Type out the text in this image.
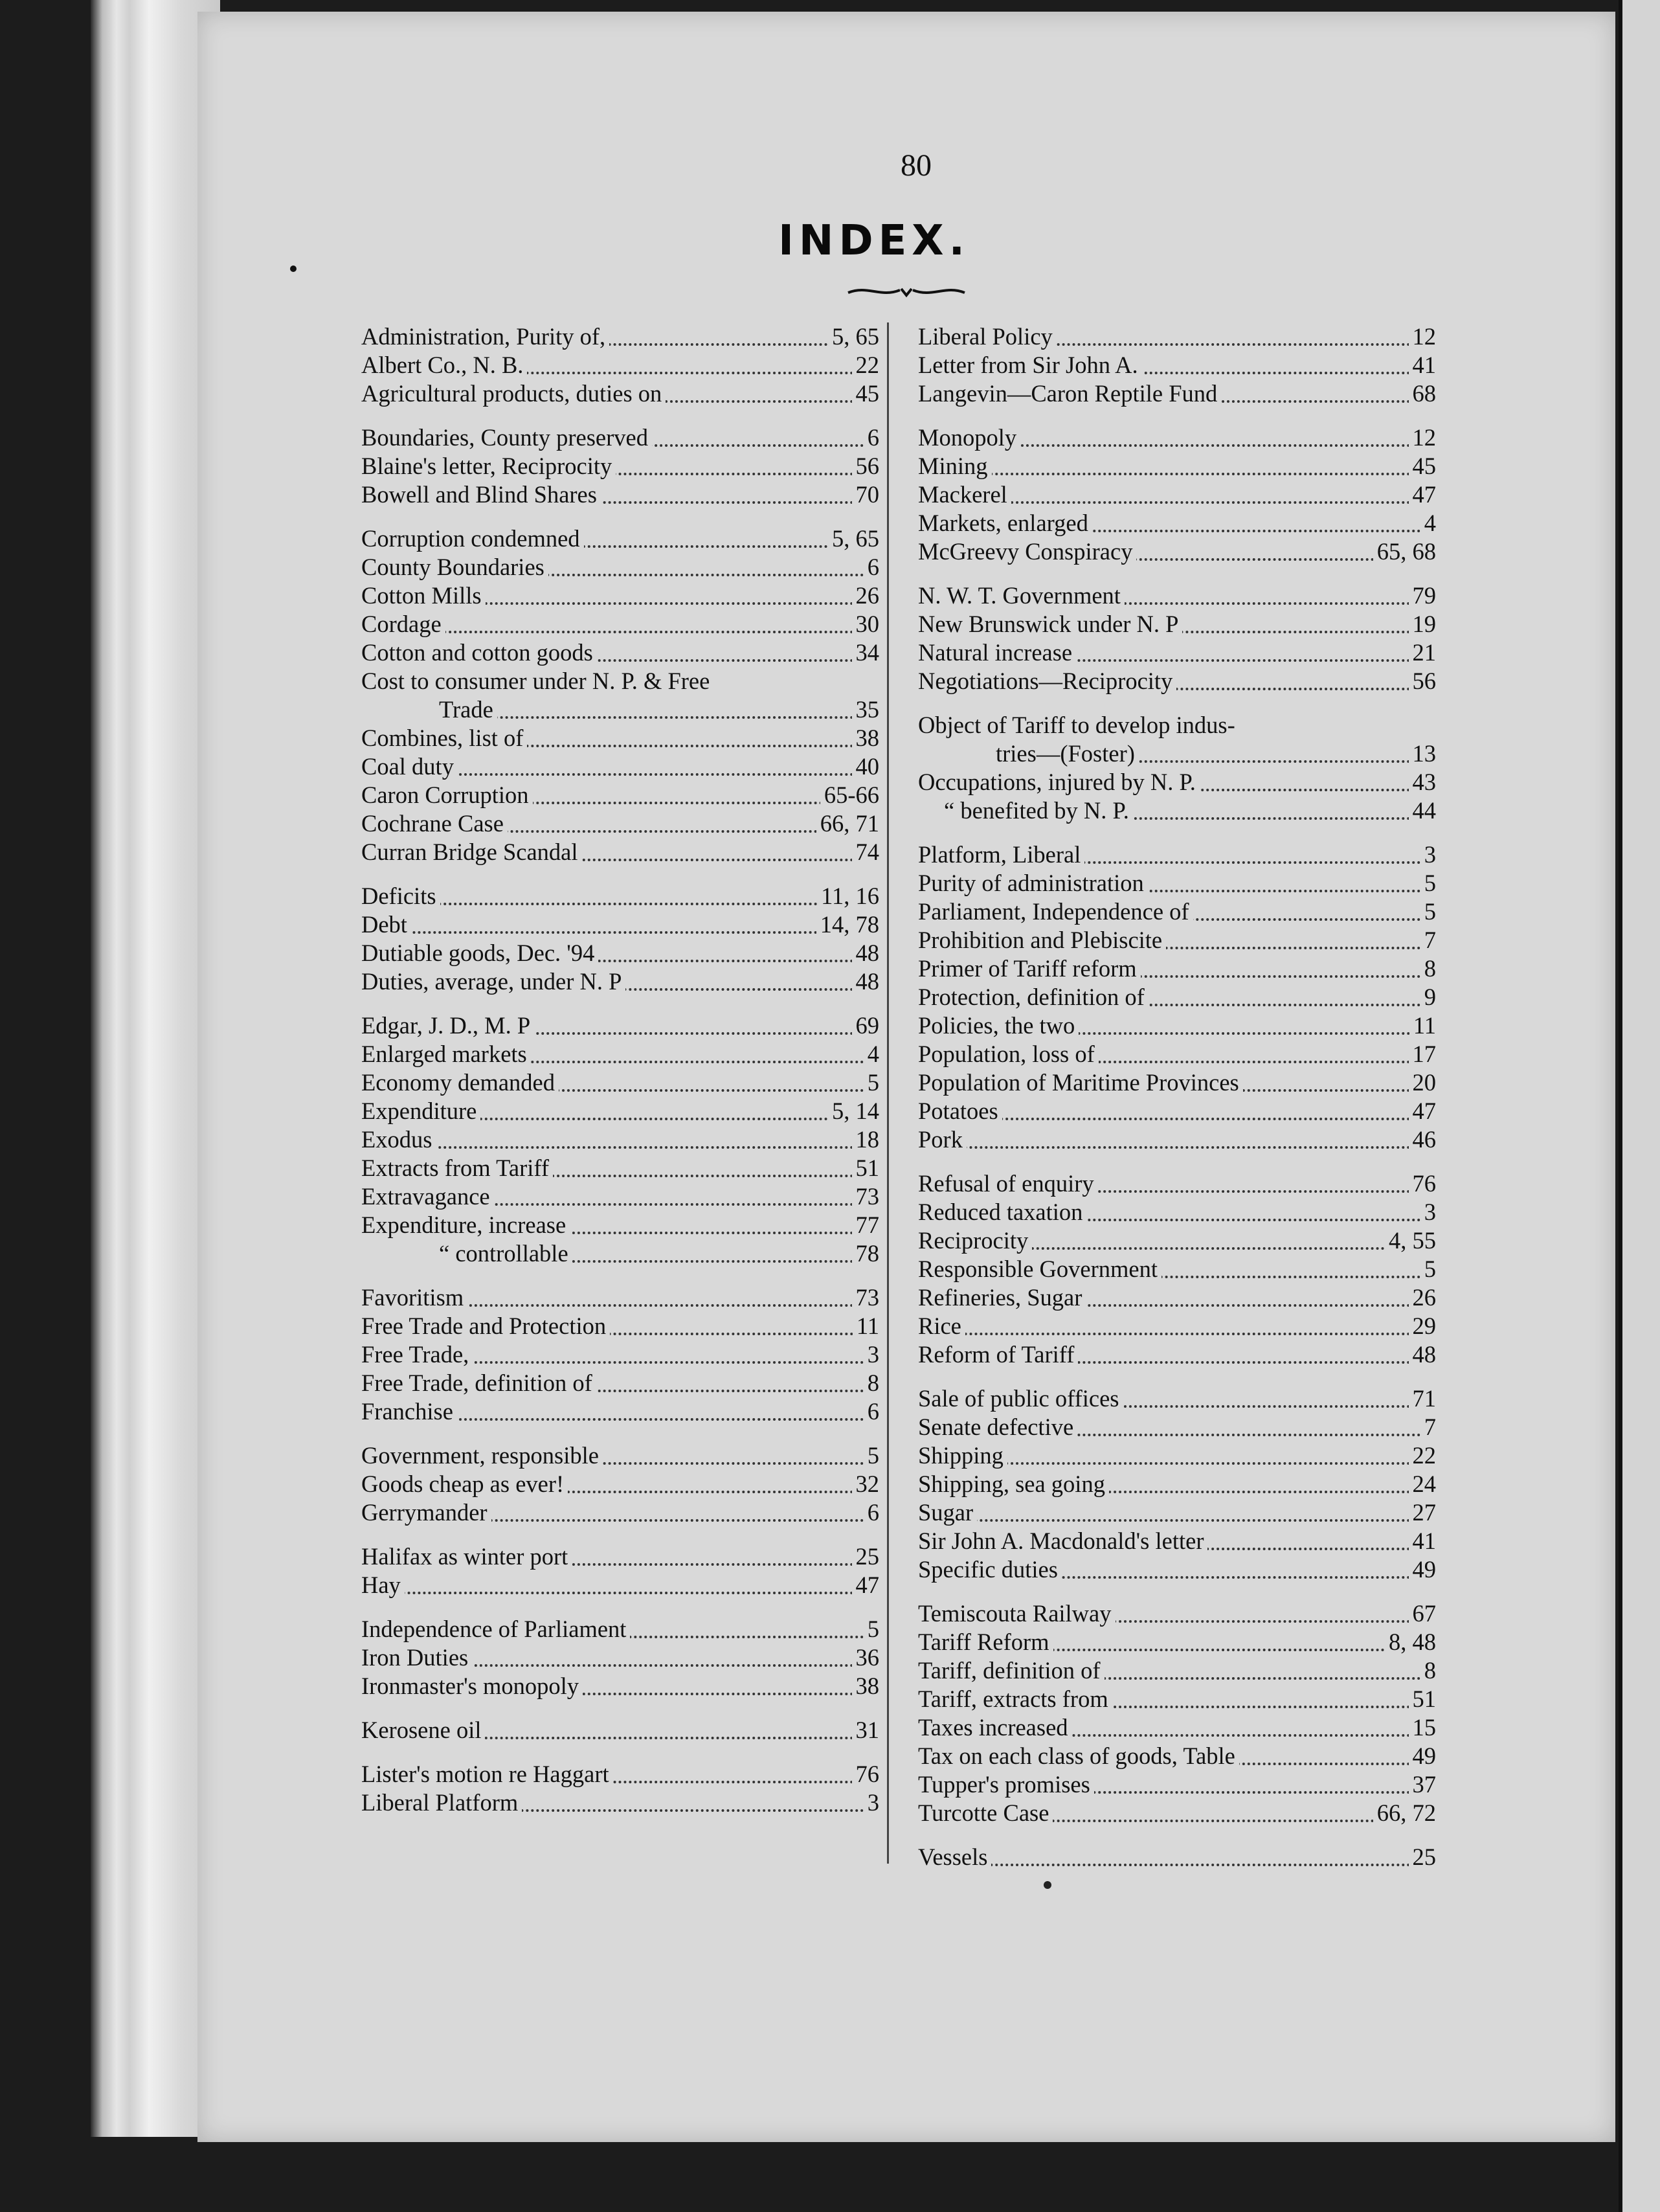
80
INDEX.
Administration, Purity of,	5, 65
Albert Co., N. B.	22
Agricultural products, duties on	45
Boundaries, County preserved	6
Blaine's letter, Reciprocity	56
Bowell and Blind Shares	70
Corruption condemned	5, 65
County Boundaries	6
Cotton Mills	26
Cordage	30
Cotton and cotton goods	34
Cost to consumer under N. P. & Free
Trade	35
Combines, list of	38
Coal duty	40
Caron Corruption	65-66
Cochrane Case	66, 71
Curran Bridge Scandal	74
Deficits	11, 16
Debt	14, 78
Dutiable goods, Dec. '94	48
Duties, average, under N. P	48
Edgar, J. D., M. P	69
Enlarged markets	4
Economy demanded	5
Expenditure	5, 14
Exodus	18
Extracts from Tariff	51
Extravagance	73
Expenditure, increase	77
“ controllable	78
Favoritism	73
Free Trade and Protection	11
Free Trade,	3
Free Trade, definition of	8
Franchise	6
Government, responsible	5
Goods cheap as ever!	32
Gerrymander	6
Halifax as winter port	25
Hay	47
Independence of Parliament	5
Iron Duties	36
Ironmaster's monopoly	38
Kerosene oil	31
Lister's motion re Haggart	76
Liberal Platform	3
Liberal Policy	12
Letter from Sir John A.	41
Langevin—Caron Reptile Fund	68
Monopoly	12
Mining	45
Mackerel	47
Markets, enlarged	4
McGreevy Conspiracy	65, 68
N. W. T. Government	79
New Brunswick under N. P	19
Natural increase	21
Negotiations—Reciprocity	56
Object of Tariff to develop indus-
tries—(Foster)	13
Occupations, injured by N. P.	43
“ benefited by N. P.	44
Platform, Liberal	3
Purity of administration	5
Parliament, Independence of	5
Prohibition and Plebiscite	7
Primer of Tariff reform	8
Protection, definition of	9
Policies, the two	11
Population, loss of	17
Population of Maritime Provinces	20
Potatoes	47
Pork	46
Refusal of enquiry	76
Reduced taxation	3
Reciprocity	4, 55
Responsible Government	5
Refineries, Sugar	26
Rice	29
Reform of Tariff	48
Sale of public offices	71
Senate defective	7
Shipping	22
Shipping, sea going	24
Sugar	27
Sir John A. Macdonald's letter	41
Specific duties	49
Temiscouta Railway	67
Tariff Reform	8, 48
Tariff, definition of	8
Tariff, extracts from	51
Taxes increased	15
Tax on each class of goods, Table	49
Tupper's promises	37
Turcotte Case	66, 72
Vessels	25
